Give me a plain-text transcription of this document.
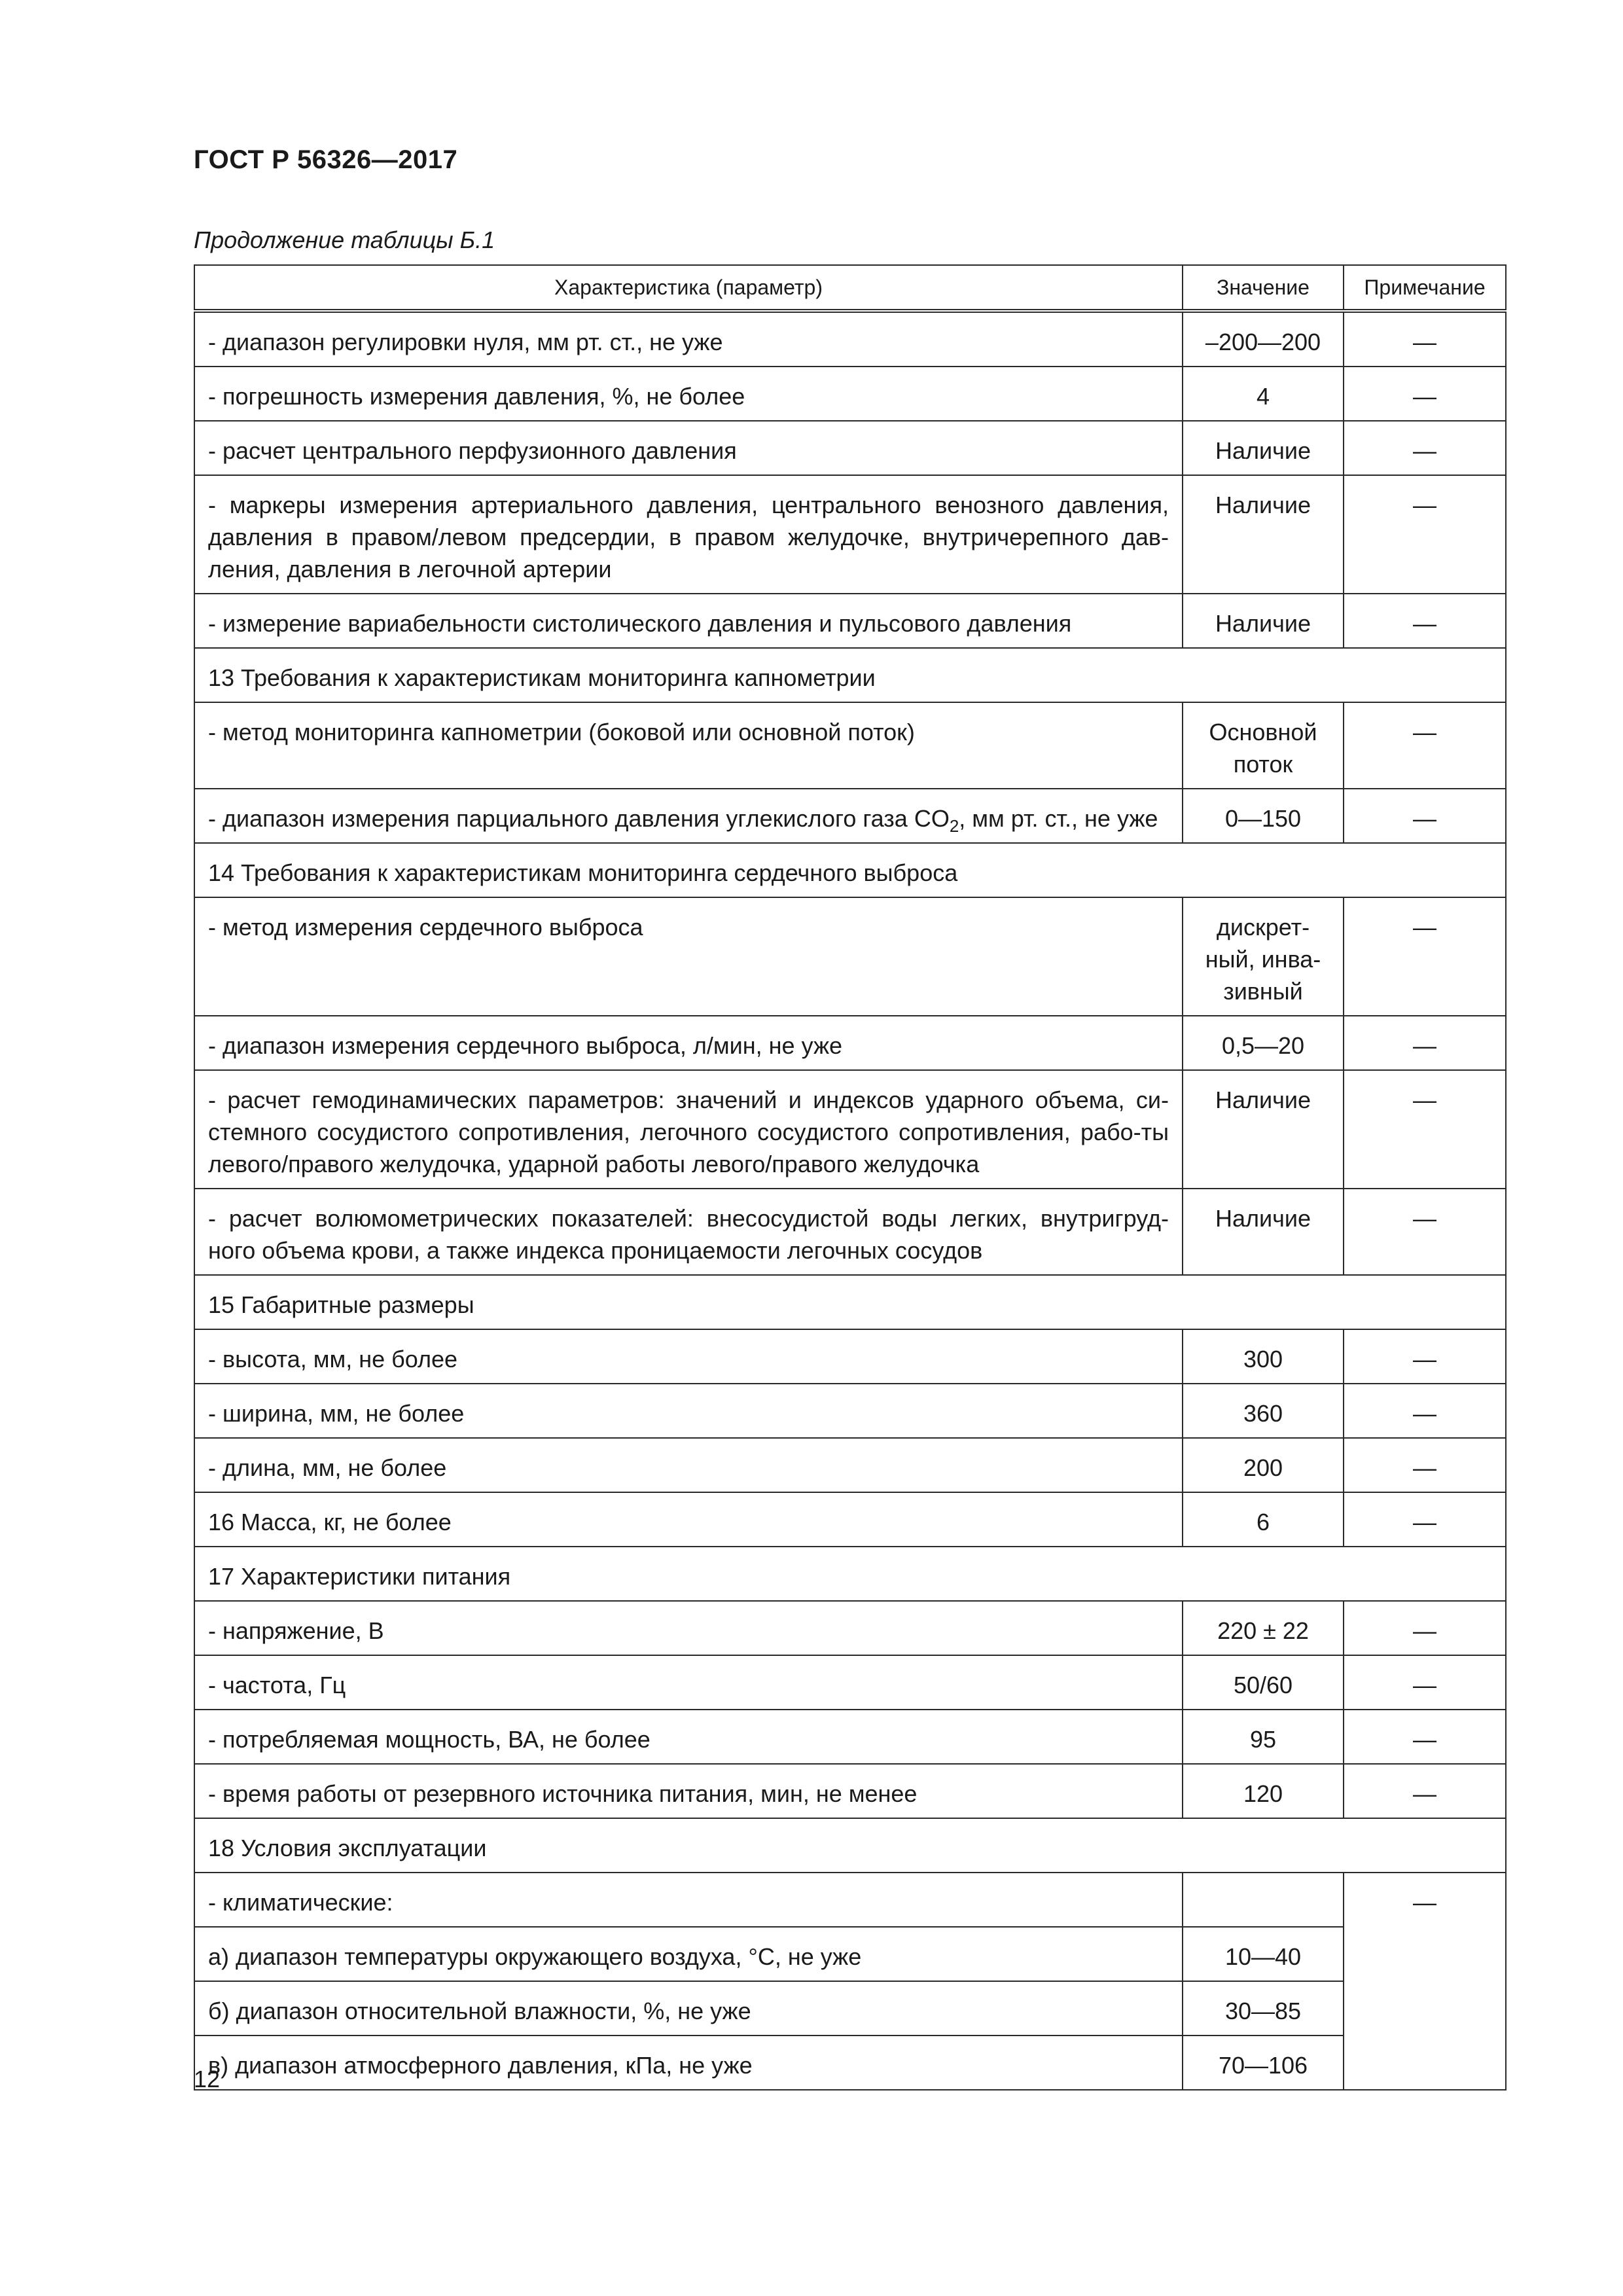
ГОСТ Р 56326—2017
Продолжение таблицы Б.1
Характеристика (параметр)	Значение	Примечание
- диапазон регулировки нуля, мм рт. ст., не уже	–200—200	—
- погрешность измерения давления, %, не более	4	—
- расчет центрального перфузионного давления	Наличие	—
- маркеры измерения артериального давления, центрального венозного давления, давления в правом/левом предсердии, в правом желудочке, внутричерепного дав-ления, давления в легочной артерии	Наличие	—
- измерение вариабельности систолического давления и пульсового давления	Наличие	—
13 Требования к характеристикам мониторинга капнометрии		
- метод мониторинга капнометрии (боковой или основной поток)	Основной поток	—
- диапазон измерения парциального давления углекислого газа $CO_2$, мм рт. ст., не уже	0—150	—
14 Требования к характеристикам мониторинга сердечного выброса		
- метод измерения сердечного выброса	дискрет-ный, инва-зивный	—
- диапазон измерения сердечного выброса, л/мин, не уже	0,5—20	—
- расчет гемодинамических параметров: значений и индексов ударного объема, си-стемного сосудистого сопротивления, легочного сосудистого сопротивления, рабо-ты левого/правого желудочка, ударной работы левого/правого желудочка	Наличие	—
- расчет волюмометрических показателей: внесосудистой воды легких, внутригруд-ного объема крови, а также индекса проницаемости легочных сосудов	Наличие	—
15 Габаритные размеры		
- высота, мм, не более	300	—
- ширина, мм, не более	360	—
- длина, мм, не более	200	—
16 Масса, кг, не более	6	—
17 Характеристики питания		
- напряжение, В	220 ± 22	—
- частота, Гц	50/60	—
- потребляемая мощность, ВА, не более	95	—
- время работы от резервного источника питания, мин, не менее	120	—
18 Условия эксплуатации		
- климатические:		—
а) диапазон температуры окружающего воздуха, °С, не уже	10—40	
б) диапазон относительной влажности, %, не уже	30—85	
в) диапазон атмосферного давления, кПа, не уже	70—106	
12
